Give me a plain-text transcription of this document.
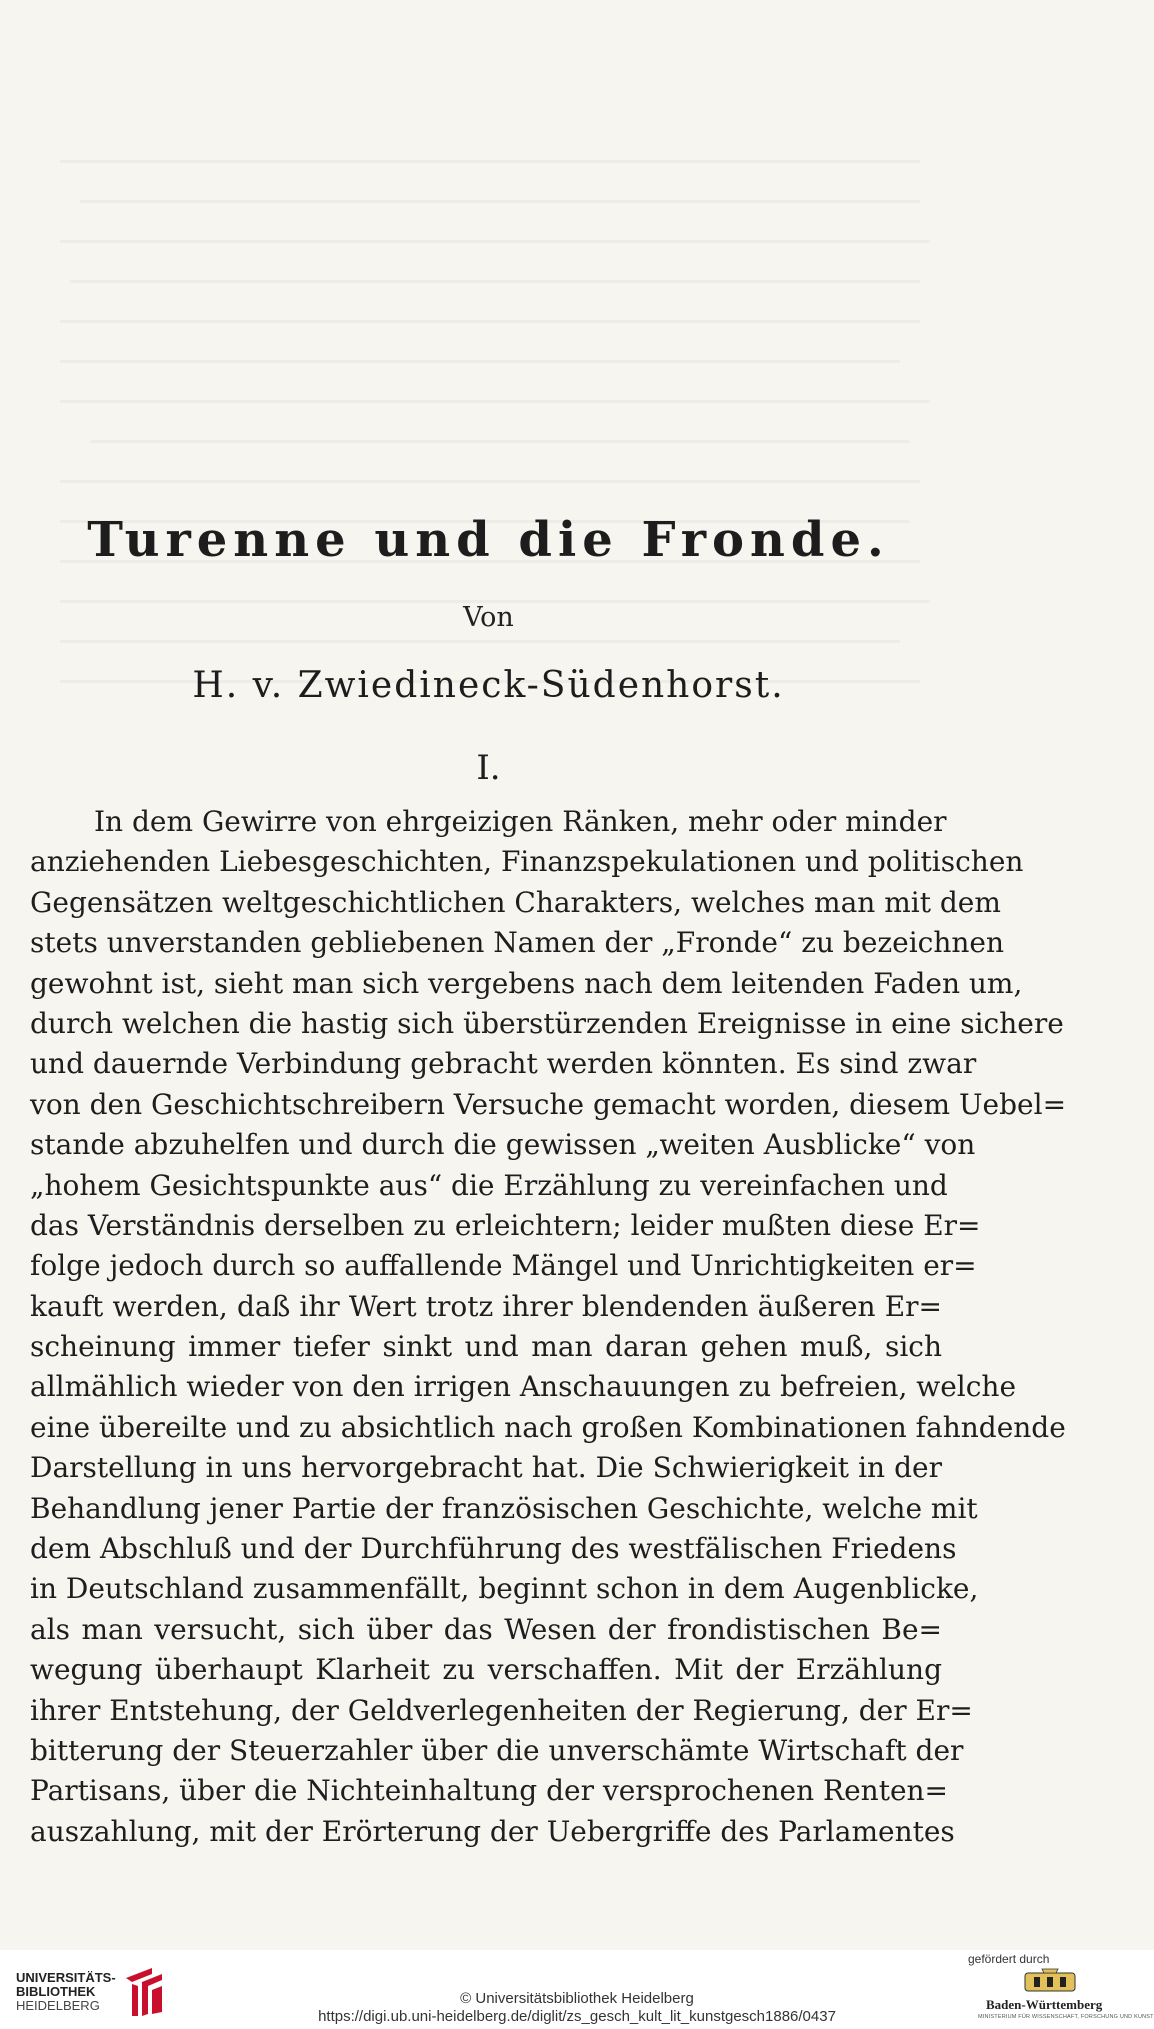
Turenne und die Fronde.
Von
H. v. Zwiedineck-Südenhorst.
I.
In dem Gewirre von ehrgeizigen Ränken, mehr oder minder
anziehenden Liebesgeschichten, Finanzspekulationen und politischen
Gegensätzen weltgeschichtlichen Charakters, welches man mit dem
stets unverstanden gebliebenen Namen der „Fronde“ zu bezeichnen
gewohnt ist, sieht man sich vergebens nach dem leitenden Faden um,
durch welchen die hastig sich überstürzenden Ereignisse in eine sichere
und dauernde Verbindung gebracht werden könnten. Es sind zwar
von den Geschichtschreibern Versuche gemacht worden, diesem Uebel=
stande abzuhelfen und durch die gewissen „weiten Ausblicke“ von
„hohem Gesichtspunkte aus“ die Erzählung zu vereinfachen und
das Verständnis derselben zu erleichtern; leider mußten diese Er=
folge jedoch durch so auffallende Mängel und Unrichtigkeiten er=
kauft werden, daß ihr Wert trotz ihrer blendenden äußeren Er=
scheinung immer tiefer sinkt und man daran gehen muß, sich
allmählich wieder von den irrigen Anschauungen zu befreien, welche
eine übereilte und zu absichtlich nach großen Kombinationen fahndende
Darstellung in uns hervorgebracht hat. Die Schwierigkeit in der
Behandlung jener Partie der französischen Geschichte, welche mit
dem Abschluß und der Durchführung des westfälischen Friedens
in Deutschland zusammenfällt, beginnt schon in dem Augenblicke,
als man versucht, sich über das Wesen der frondistischen Be=
wegung überhaupt Klarheit zu verschaffen. Mit der Erzählung
ihrer Entstehung, der Geldverlegenheiten der Regierung, der Er=
bitterung der Steuerzahler über die unverschämte Wirtschaft der
Partisans, über die Nichteinhaltung der versprochenen Renten=
auszahlung, mit der Erörterung der Uebergriffe des Parlamentes
UNIVERSITÄTS-
BIBLIOTHEK
HEIDELBERG	© Universitätsbibliothek Heidelberg
https://digi.ub.uni-heidelberg.de/diglit/zs_gesch_kult_lit_kunstgesch1886/0437
gefördert durch
Baden-Württemberg
MINISTERIUM FÜR WISSENSCHAFT, FORSCHUNG UND KUNST
